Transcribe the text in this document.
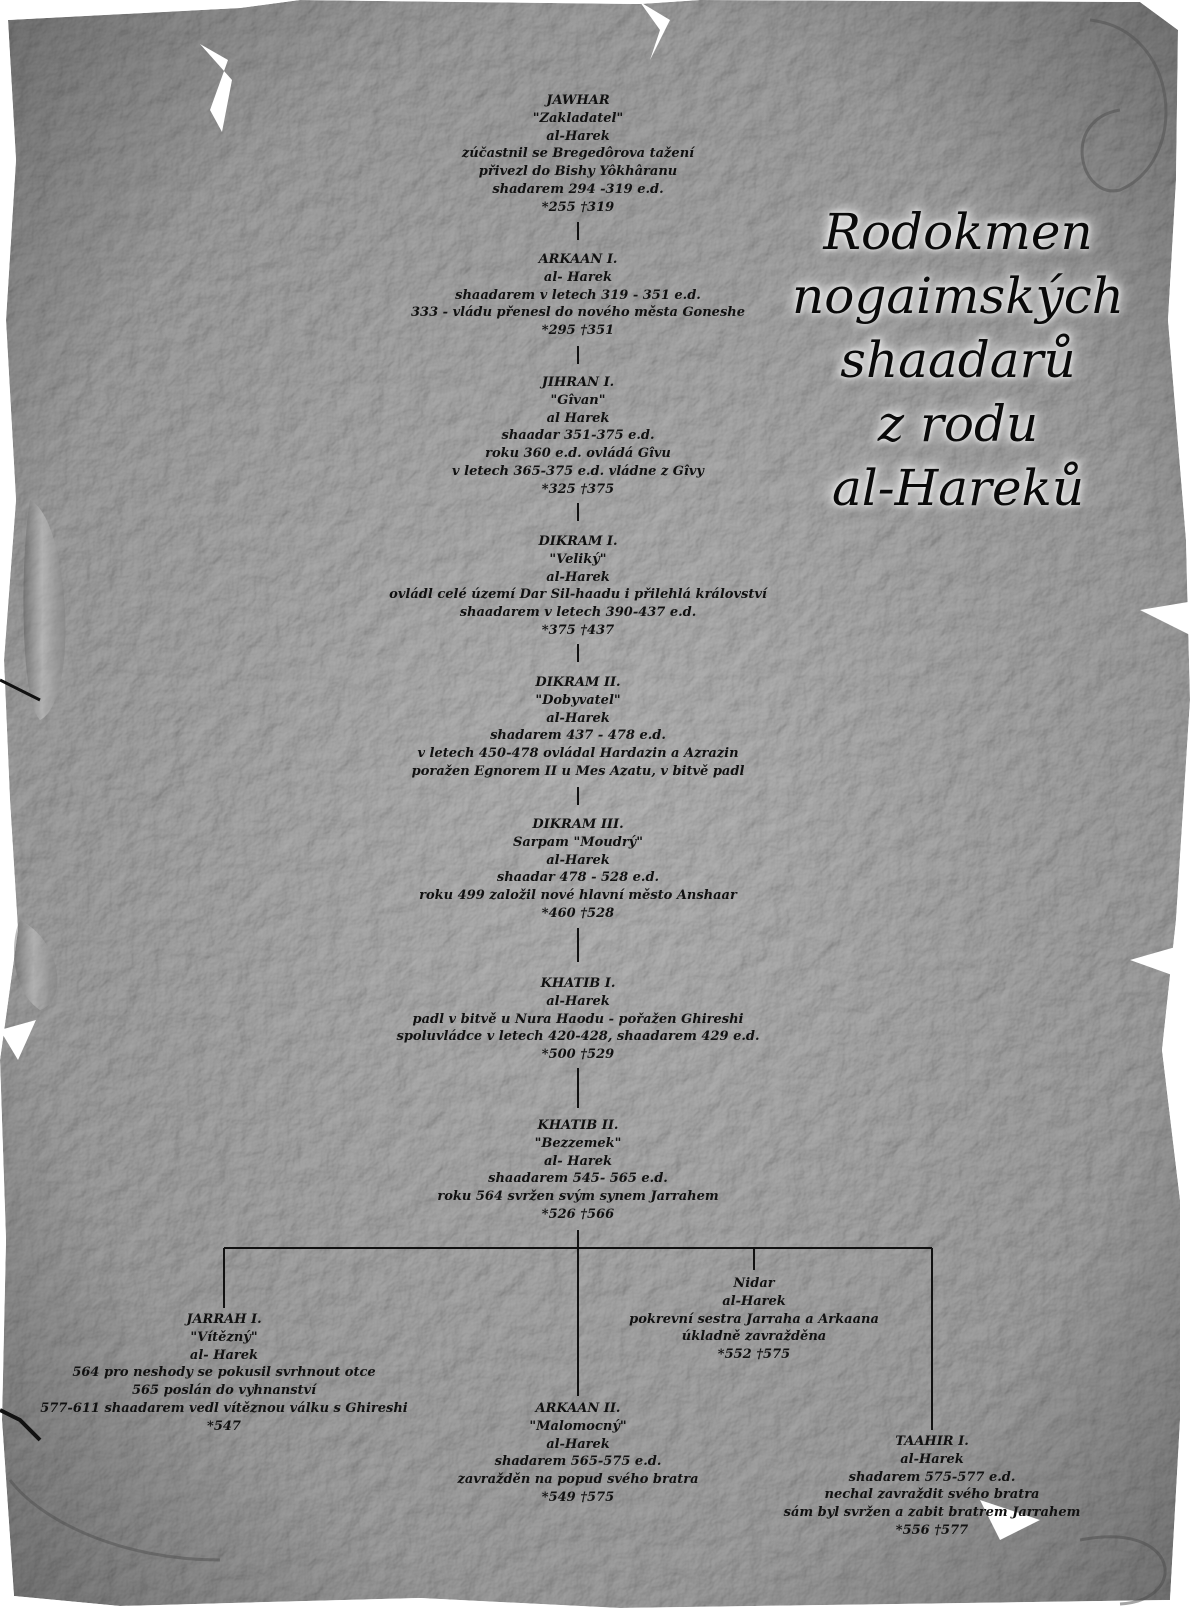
Rodokmen
nogaimských
shaadarů
z rodu
al-Hareků
JAWHAR
"Zakladatel"
al-Harek
zúčastnil se Bregedôrova tažení
přivezl do Bishy Yôkhâranu
shadarem 294 -319 e.d.
*255 †319
ARKAAN I.
al- Harek
shaadarem v letech 319 - 351 e.d.
333 - vládu přenesl do nového města Goneshe
*295 †351
JIHRAN I.
"Gîvan"
al Harek
shaadar 351-375 e.d.
roku 360 e.d. ovládá Gîvu
v letech 365-375 e.d. vládne z Gîvy
*325 †375
DIKRAM I.
"Veliký"
al-Harek
ovládl celé území Dar Sil-haadu i přilehlá království
shaadarem v letech 390-437 e.d.
*375 †437
DIKRAM II.
"Dobyvatel"
al-Harek
shadarem 437 - 478 e.d.
v letech 450-478 ovládal Hardazin a Azrazin
poražen Egnorem II u Mes Azatu, v bitvě padl
DIKRAM III.
Sarpam "Moudrý"
al-Harek
shaadar 478 - 528 e.d.
roku 499 založil nové hlavní město Anshaar
*460 †528
KHATIB I.
al-Harek
padl v bitvě u Nura Haodu - pořažen Ghireshi
spoluvládce v letech 420-428, shaadarem 429 e.d.
*500 †529
KHATIB II.
"Bezzemek"
al- Harek
shaadarem 545- 565 e.d.
roku 564 svržen svým synem Jarrahem
*526 †566
Nidar
al-Harek
pokrevní sestra Jarraha a Arkaana
úkladně zavražděna
*552 †575
JARRAH I.
"Vítězný"
al- Harek
564 pro neshody se pokusil svrhnout otce
565 poslán do vyhnanství
577-611 shaadarem vedl vítěznou válku s Ghireshi
*547
ARKAAN II.
"Malomocný"
al-Harek
shadarem 565-575 e.d.
zavražděn na popud svého bratra
*549 †575
TAAHIR I.
al-Harek
shadarem 575-577 e.d.
nechal zavraždit svého bratra
sám byl svržen a zabit bratrem Jarrahem
*556 †577
